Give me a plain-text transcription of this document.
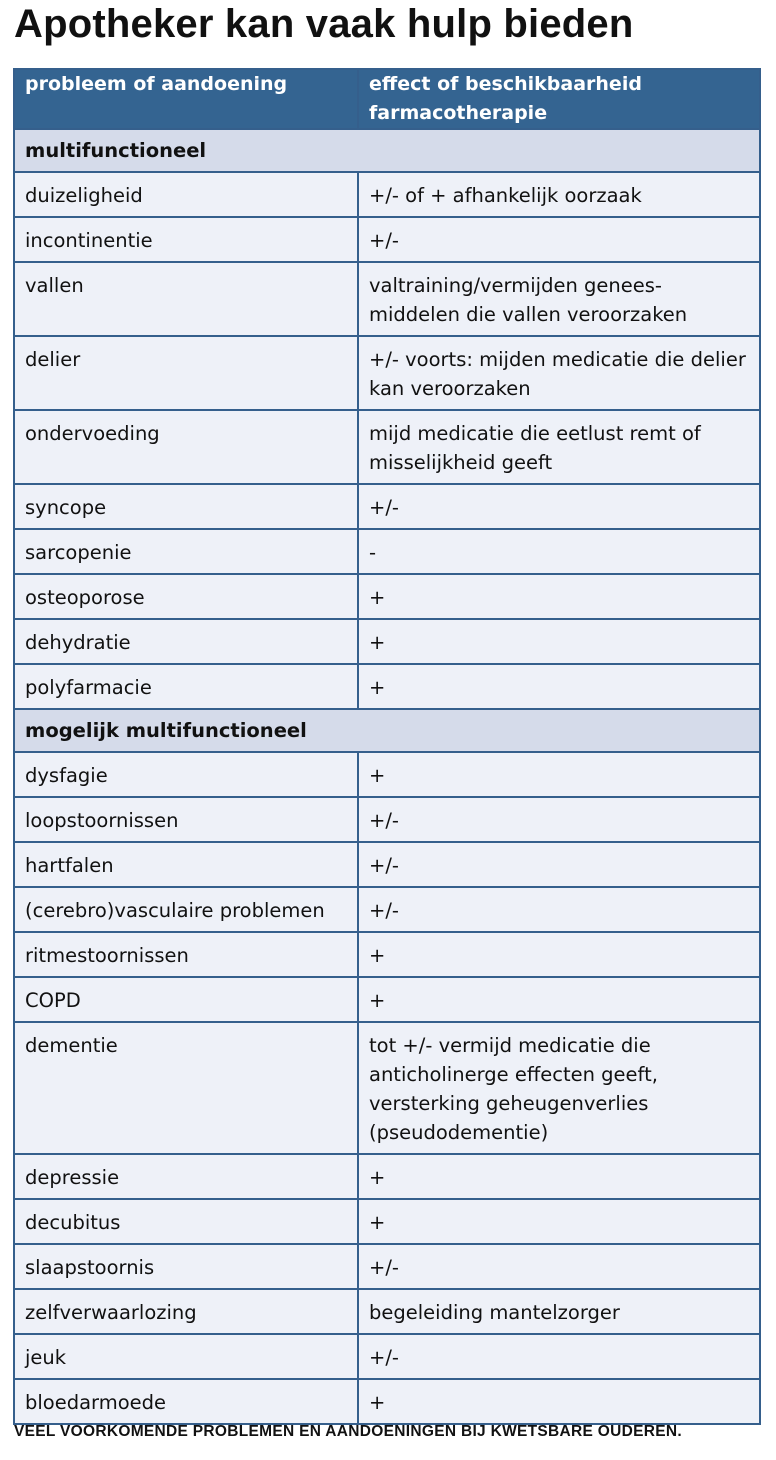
Apotheker kan vaak hulp bieden
probleem of aandoening	effect of beschikbaarheid farmacotherapie
multifunctioneel	
duizeligheid	+/- of + afhankelijk oorzaak
incontinentie	+/-
vallen	valtraining/vermijden genees-middelen die vallen veroorzaken
delier	+/- voorts: mijden medicatie die delier kan veroorzaken
ondervoeding	mijd medicatie die eetlust remt of misselijkheid geeft
syncope	+/-
sarcopenie	-
osteoporose	+
dehydratie	+
polyfarmacie	+
mogelijk multifunctioneel	
dysfagie	+
loopstoornissen	+/-
hartfalen	+/-
(cerebro)vasculaire problemen	+/-
ritmestoornissen	+
COPD	+
dementie	tot +/- vermijd medicatie die anticholinerge effecten geeft, versterking geheugenverlies (pseudodementie)
depressie	+
decubitus	+
slaapstoornis	+/-
zelfverwaarlozing	begeleiding mantelzorger
jeuk	+/-
bloedarmoede	+
VEEL VOORKOMENDE PROBLEMEN EN AANDOENINGEN BIJ KWETSBARE OUDEREN.
